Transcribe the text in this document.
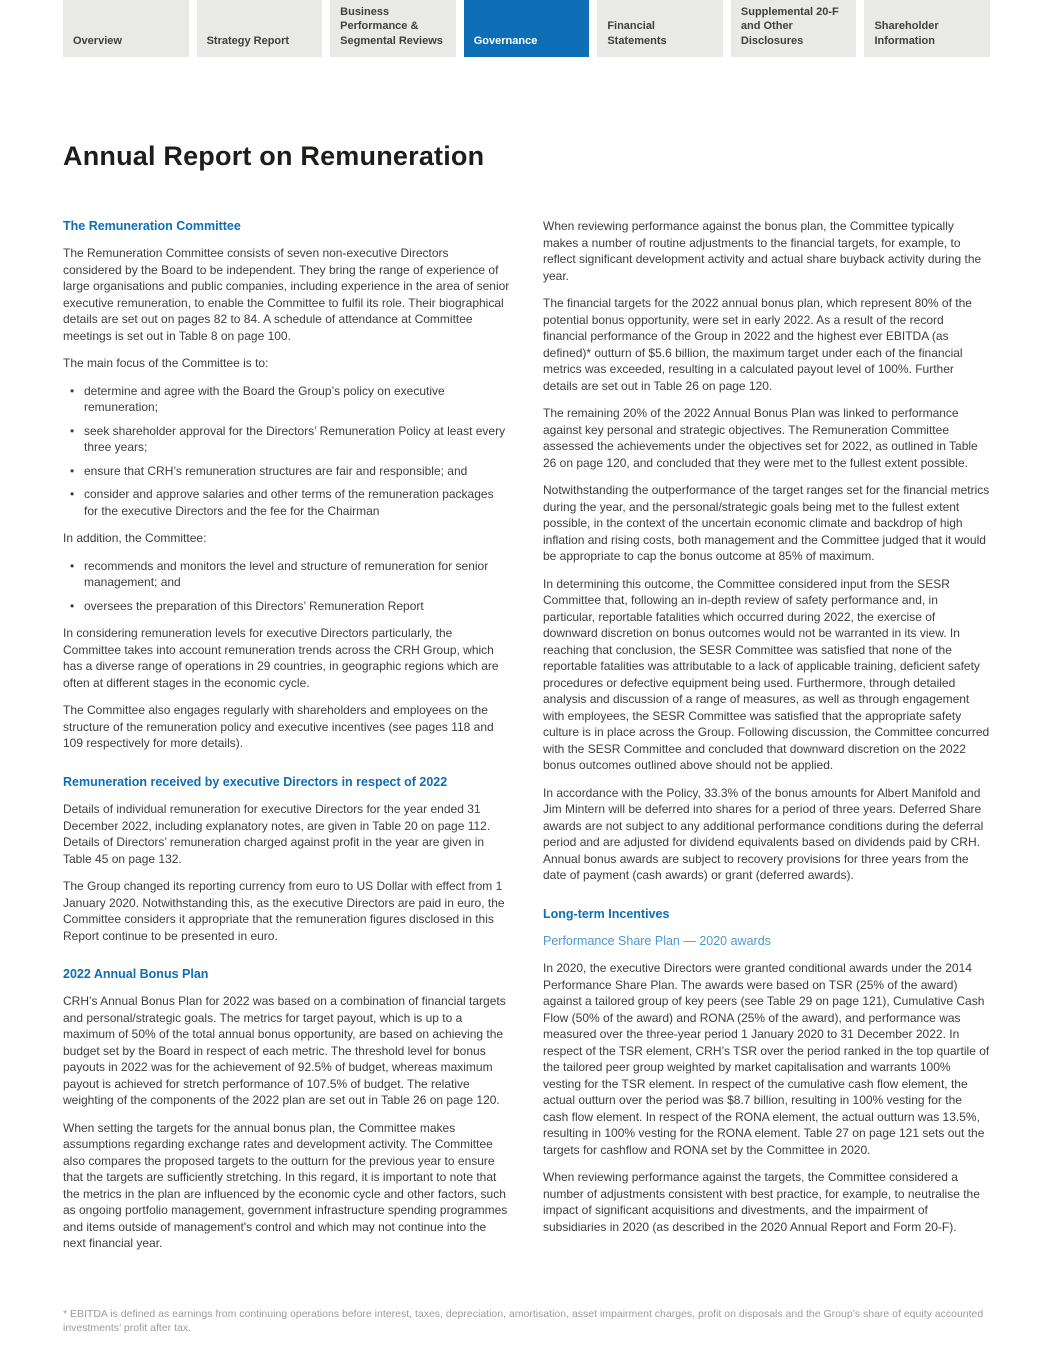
Overview	Strategy Report
Business Performance & Segmental Reviews	Governance
Financial Statements
Supplemental 20-F and Other Disclosures
Shareholder Information
Annual Report on Remuneration
The Remuneration Committee

The Remuneration Committee consists of seven non-executive Directors considered by the Board to be independent. They bring the range of experience of large organisations and public companies, including experience in the area of senior executive remuneration, to enable the Committee to fulfil its role. Their biographical details are set out on pages 82 to 84. A schedule of attendance at Committee meetings is set out in Table 8 on page 100.

The main focus of the Committee is to:

• determine and agree with the Board the Group’s policy on executive remuneration;
• seek shareholder approval for the Directors’ Remuneration Policy at least every three years;
• ensure that CRH’s remuneration structures are fair and responsible; and
• consider and approve salaries and other terms of the remuneration packages for the executive Directors and the fee for the Chairman

In addition, the Committee:

• recommends and monitors the level and structure of remuneration for senior management; and
• oversees the preparation of this Directors’ Remuneration Report

In considering remuneration levels for executive Directors particularly, the Committee takes into account remuneration trends across the CRH Group, which has a diverse range of operations in 29 countries, in geographic regions which are often at different stages in the economic cycle.

The Committee also engages regularly with shareholders and employees on the structure of the remuneration policy and executive incentives (see pages 118 and 109 respectively for more details).

Remuneration received by executive Directors in respect of 2022

Details of individual remuneration for executive Directors for the year ended 31 December 2022, including explanatory notes, are given in Table 20 on page 112. Details of Directors’ remuneration charged against profit in the year are given in Table 45 on page 132.

The Group changed its reporting currency from euro to US Dollar with effect from 1 January 2020. Notwithstanding this, as the executive Directors are paid in euro, the Committee considers it appropriate that the remuneration figures disclosed in this Report continue to be presented in euro.

2022 Annual Bonus Plan

CRH’s Annual Bonus Plan for 2022 was based on a combination of financial targets and personal/strategic goals. The metrics for target payout, which is up to a maximum of 50% of the total annual bonus opportunity, are based on achieving the budget set by the Board in respect of each metric. The threshold level for bonus payouts in 2022 was for the achievement of 92.5% of budget, whereas maximum payout is achieved for stretch performance of 107.5% of budget. The relative weighting of the components of the 2022 plan are set out in Table 26 on page 120.

When setting the targets for the annual bonus plan, the Committee makes assumptions regarding exchange rates and development activity. The Committee also compares the proposed targets to the outturn for the previous year to ensure that the targets are sufficiently stretching. In this regard, it is important to note that the metrics in the plan are influenced by the economic cycle and other factors, such as ongoing portfolio management, government infrastructure spending programmes and items outside of management's control and which may not continue into the next financial year.

When reviewing performance against the bonus plan, the Committee typically makes a number of routine adjustments to the financial targets, for example, to reflect significant development activity and actual share buyback activity during the year.

The financial targets for the 2022 annual bonus plan, which represent 80% of the potential bonus opportunity, were set in early 2022. As a result of the record financial performance of the Group in 2022 and the highest ever EBITDA (as defined)* outturn of $5.6 billion, the maximum target under each of the financial metrics was exceeded, resulting in a calculated payout level of 100%. Further details are set out in Table 26 on page 120.

The remaining 20% of the 2022 Annual Bonus Plan was linked to performance against key personal and strategic objectives. The Remuneration Committee assessed the achievements under the objectives set for 2022, as outlined in Table 26 on page 120, and concluded that they were met to the fullest extent possible.

Notwithstanding the outperformance of the target ranges set for the financial metrics during the year, and the personal/strategic goals being met to the fullest extent possible, in the context of the uncertain economic climate and backdrop of high inflation and rising costs, both management and the Committee judged that it would be appropriate to cap the bonus outcome at 85% of maximum.

In determining this outcome, the Committee considered input from the SESR Committee that, following an in-depth review of safety performance and, in particular, reportable fatalities which occurred during 2022, the exercise of downward discretion on bonus outcomes would not be warranted in its view. In reaching that conclusion, the SESR Committee was satisfied that none of the reportable fatalities was attributable to a lack of applicable training, deficient safety procedures or defective equipment being used. Furthermore, through detailed analysis and discussion of a range of measures, as well as through engagement with employees, the SESR Committee was satisfied that the appropriate safety culture is in place across the Group. Following discussion, the Committee concurred with the SESR Committee and concluded that downward discretion on the 2022 bonus outcomes outlined above should not be applied.

In accordance with the Policy, 33.3% of the bonus amounts for Albert Manifold and Jim Mintern will be deferred into shares for a period of three years. Deferred Share awards are not subject to any additional performance conditions during the deferral period and are adjusted for dividend equivalents based on dividends paid by CRH. Annual bonus awards are subject to recovery provisions for three years from the date of payment (cash awards) or grant (deferred awards).

Long-term Incentives
Performance Share Plan — 2020 awards

In 2020, the executive Directors were granted conditional awards under the 2014 Performance Share Plan. The awards were based on TSR (25% of the award) against a tailored group of key peers (see Table 29 on page 121), Cumulative Cash Flow (50% of the award) and RONA (25% of the award), and performance was measured over the three-year period 1 January 2020 to 31 December 2022. In respect of the TSR element, CRH’s TSR over the period ranked in the top quartile of the tailored peer group weighted by market capitalisation and warrants 100% vesting for the TSR element. In respect of the cumulative cash flow element, the actual outturn over the period was $8.7 billion, resulting in 100% vesting for the cash flow element. In respect of the RONA element, the actual outturn was 13.5%, resulting in 100% vesting for the RONA element. Table 27 on page 121 sets out the targets for cashflow and RONA set by the Committee in 2020.

When reviewing performance against the targets, the Committee considered a number of adjustments consistent with best practice, for example, to neutralise the impact of significant acquisitions and divestments, and the impairment of subsidiaries in 2020 (as described in the 2020 Annual Report and Form 20-F).

* EBITDA is defined as earnings from continuing operations before interest, taxes, depreciation, amortisation, asset impairment charges, profit on disposals and the Group’s share of equity accounted investments’ profit after tax.
